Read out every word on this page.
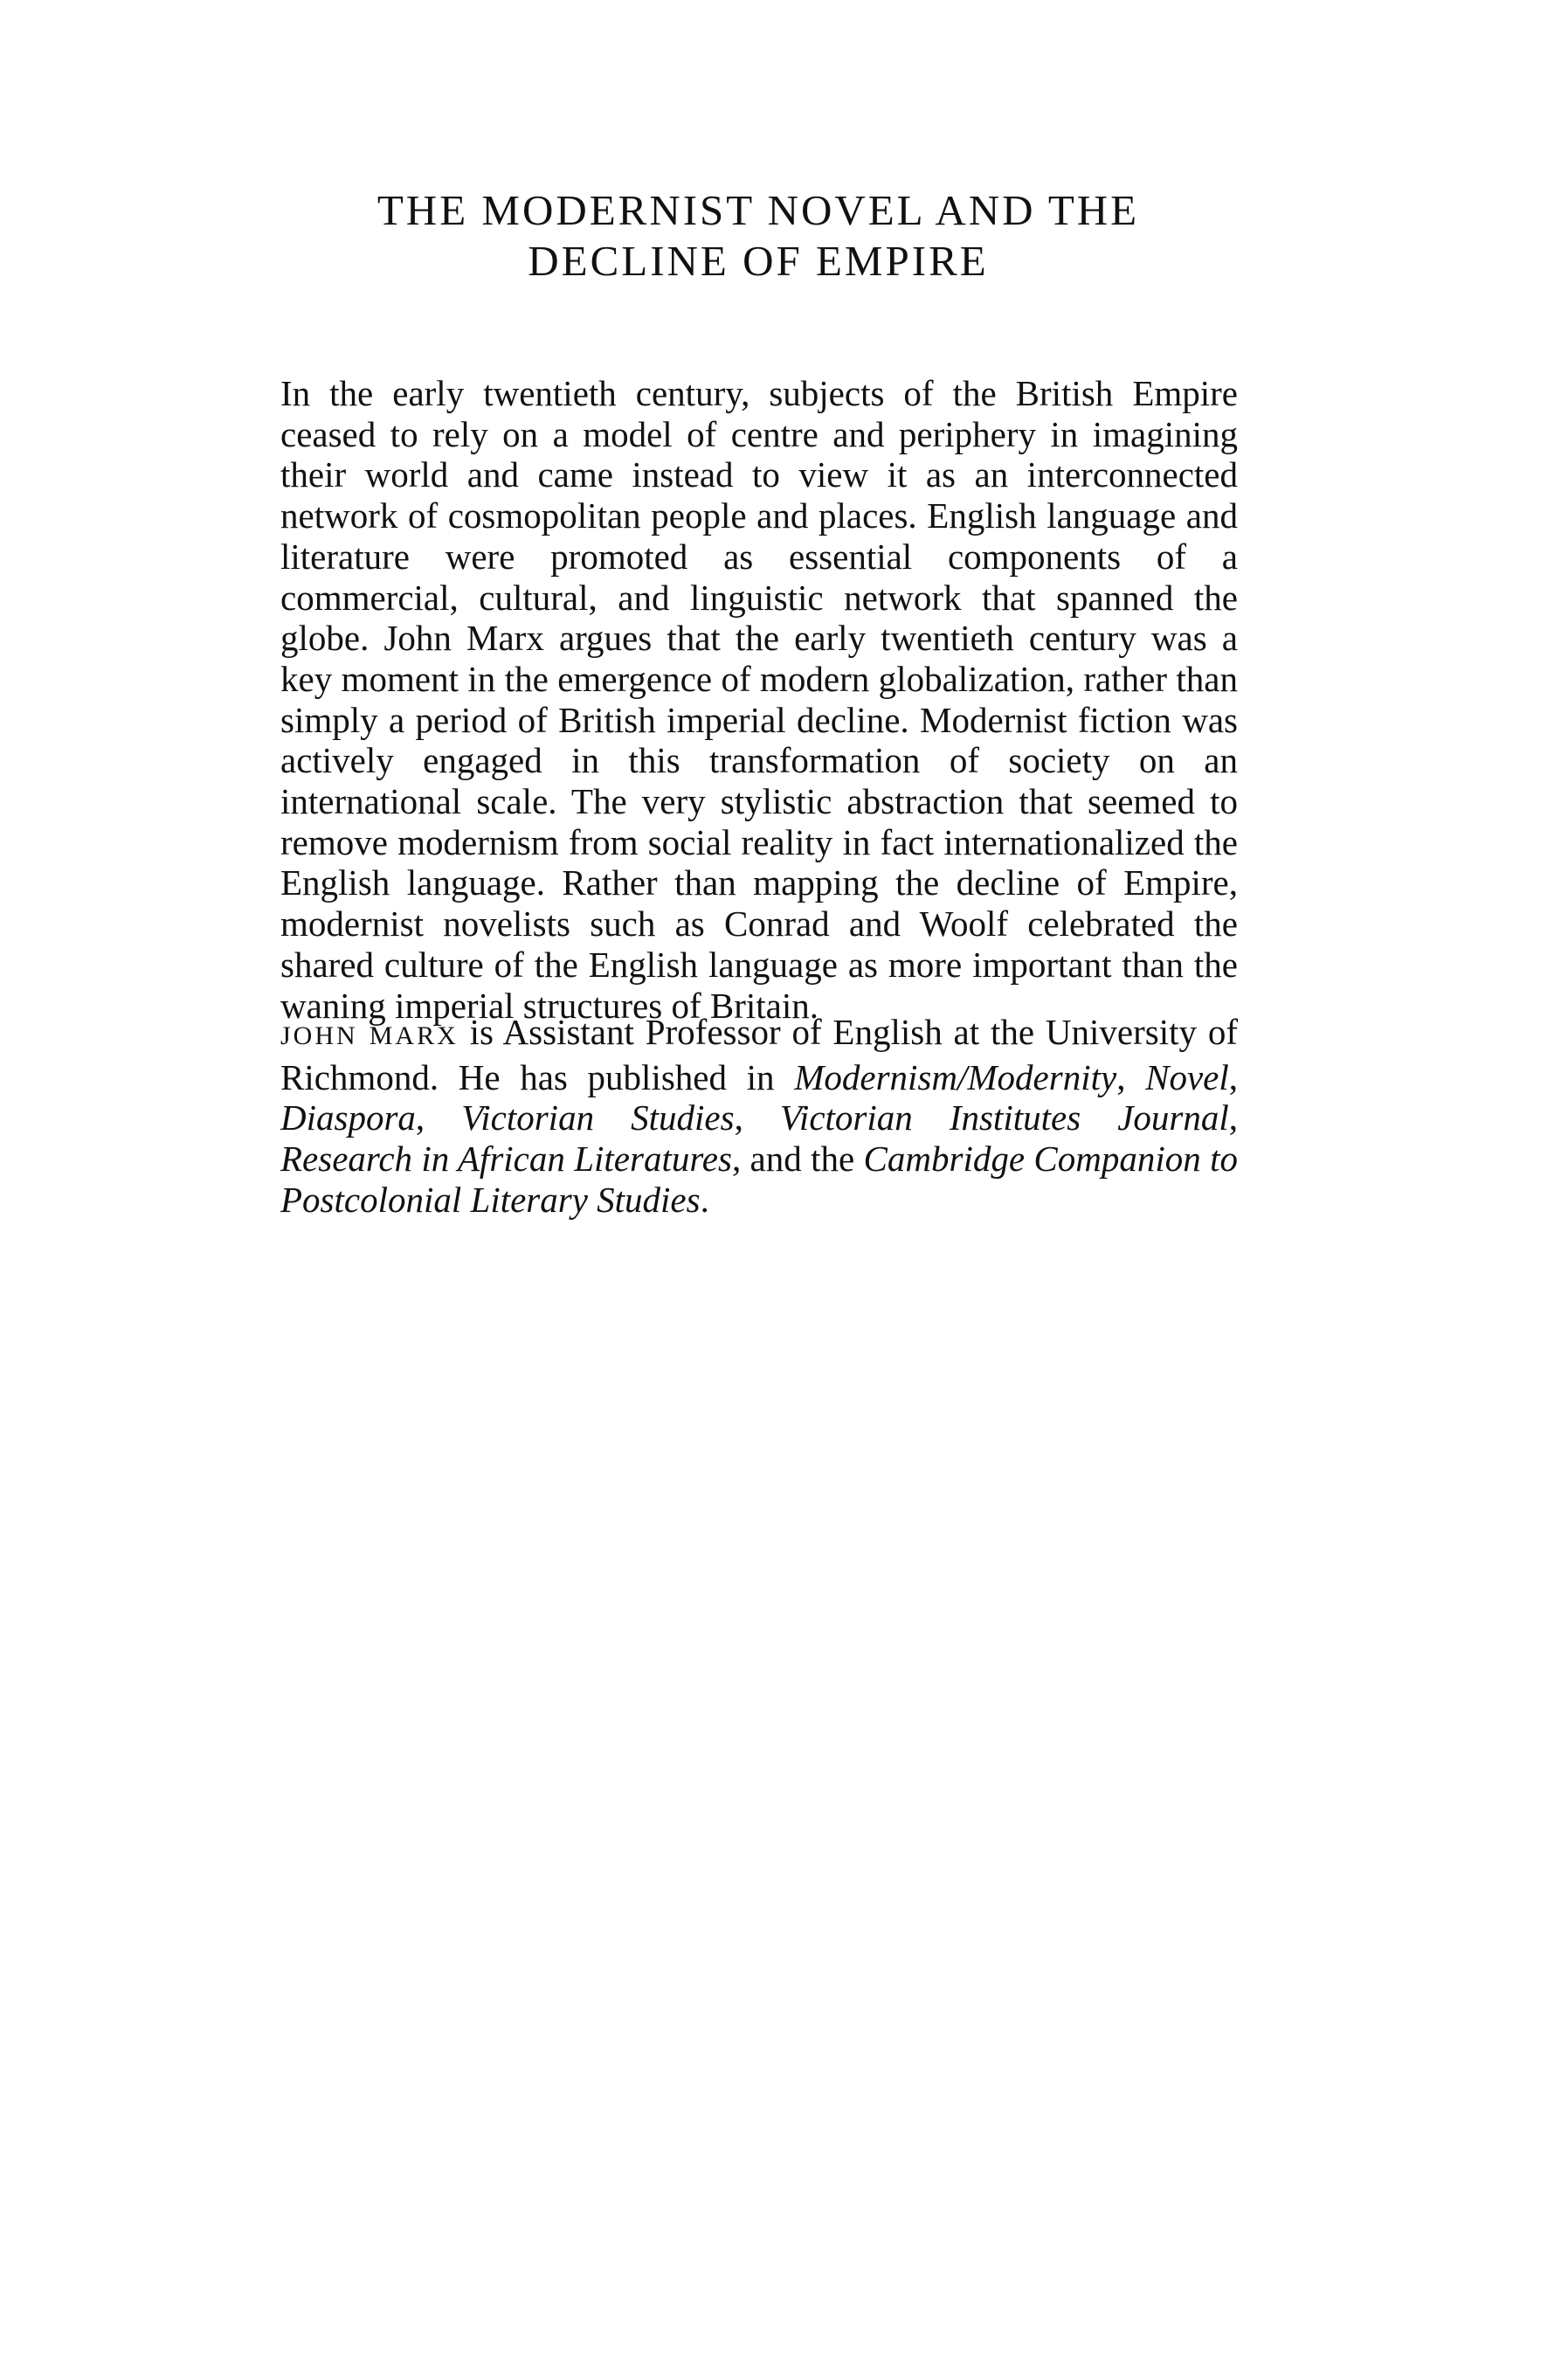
THE MODERNIST NOVEL AND THE
DECLINE OF EMPIRE

In the early twentieth century, subjects of the British Empire ceased to rely on a model of centre and periphery in imagining their world and came instead to view it as an interconnected network of cosmopolitan people and places. English language and literature were promoted as essential components of a commercial, cultural, and linguistic network that spanned the globe. John Marx argues that the early twentieth century was a key moment in the emergence of modern globalization, rather than simply a period of British imperial decline. Modernist fiction was actively engaged in this transformation of society on an international scale. The very stylistic abstraction that seemed to remove modernism from social reality in fact internationalized the English language. Rather than mapping the decline of Empire, modernist novelists such as Conrad and Woolf celebrated the shared culture of the English language as more important than the waning imperial structures of Britain.

JOHN MARX is Assistant Professor of English at the University of Richmond. He has published in Modernism/Modernity, Novel, Diaspora, Victorian Studies, Victorian Institutes Journal, Research in African Literatures, and the Cambridge Companion to Postcolonial Literary Studies.
